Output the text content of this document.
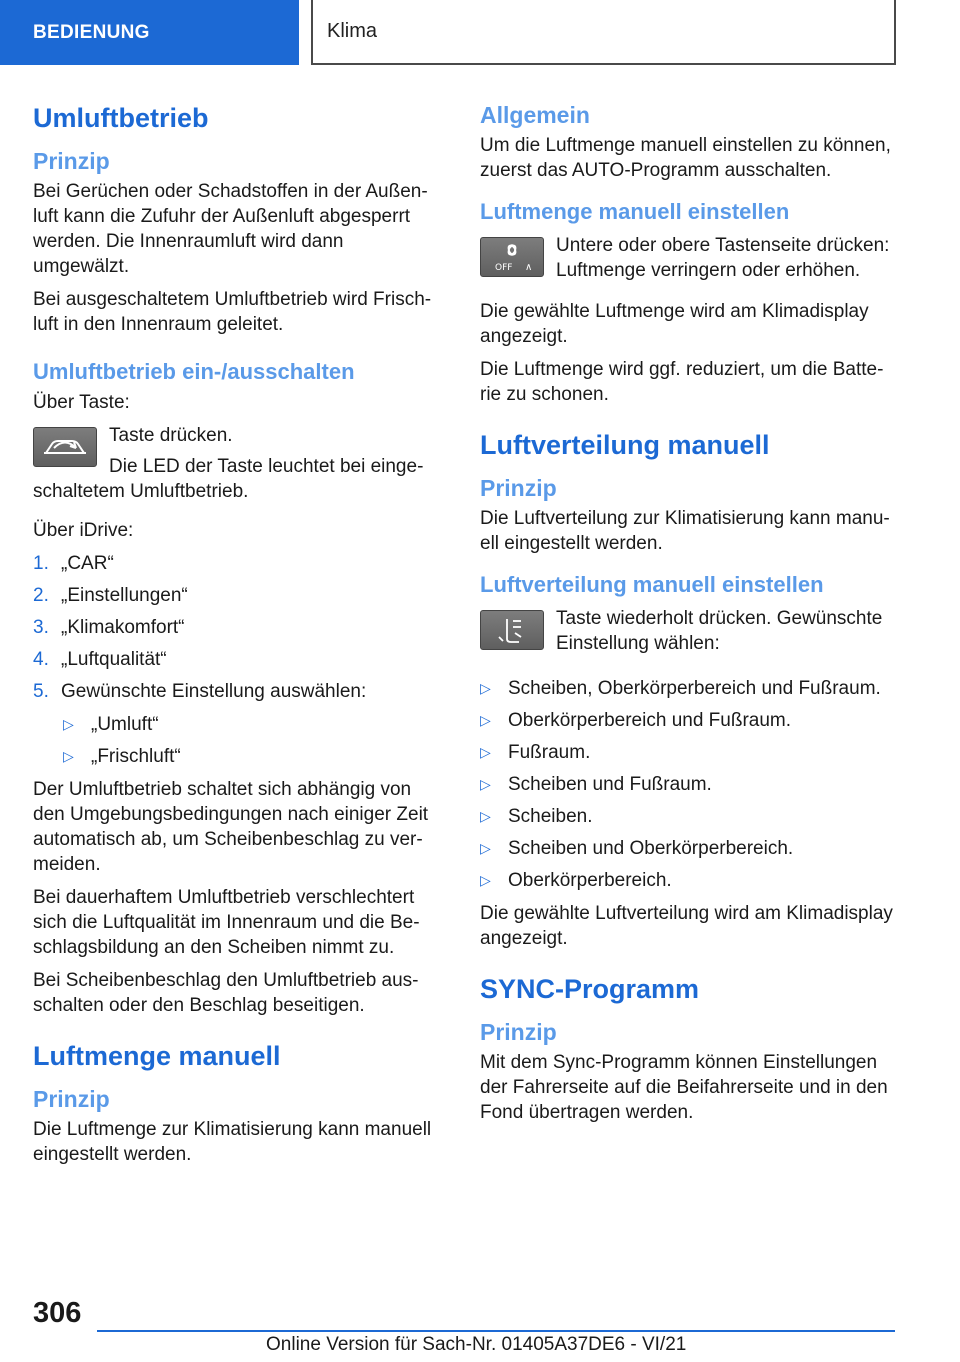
BEDIENUNG	Klima
Umluftbetrieb
Prinzip

Bei Gerüchen oder Schadstoffen in der Außen-luft kann die Zufuhr der Außenluft abgesperrt werden. Die Innenraumluft wird dann umgewälzt.

Bei ausgeschaltetem Umluftbetrieb wird Frisch-luft in den Innenraum geleitet.

Umluftbetrieb ein-/ausschalten

Über Taste:

Taste drücken.

Die LED der Taste leuchtet bei einge-

schaltetem Umluftbetrieb.

Über iDrive:

1. „CAR“
2. „Einstellungen“
3. „Klimakomfort“
4. „Luftqualität“
5. Gewünschte Einstellung auswählen:
▷ „Umluft“
▷ „Frischluft“

Der Umluftbetrieb schaltet sich abhängig von den Umgebungsbedingungen nach einiger Zeit automatisch ab, um Scheibenbeschlag zu ver-meiden.

Bei dauerhaftem Umluftbetrieb verschlechtert sich die Luftqualität im Innenraum und die Be-schlagsbildung an den Scheiben nimmt zu.

Bei Scheibenbeschlag den Umluftbetrieb aus-schalten oder den Beschlag beseitigen.

Luftmenge manuell
Prinzip

Die Luftmenge zur Klimatisierung kann manuell eingestellt werden.

Allgemein

Um die Luftmenge manuell einstellen zu können, zuerst das AUTO-Programm ausschalten.

Luftmenge manuell einstellen
OFF ∧

Untere oder obere Tastenseite drücken: Luftmenge verringern oder erhöhen.

Die gewählte Luftmenge wird am Klimadisplay angezeigt.

Die Luftmenge wird ggf. reduziert, um die Batte-rie zu schonen.

Luftverteilung manuell
Prinzip

Die Luftverteilung zur Klimatisierung kann manu-ell eingestellt werden.

Luftverteilung manuell einstellen

Taste wiederholt drücken. Gewünschte Einstellung wählen:

▷ Scheiben, Oberkörperbereich und Fußraum.
▷ Oberkörperbereich und Fußraum.
▷ Fußraum.
▷ Scheiben und Fußraum.
▷ Scheiben.
▷ Scheiben und Oberkörperbereich.
▷ Oberkörperbereich.

Die gewählte Luftverteilung wird am Klimadisplay angezeigt.

SYNC-Programm
Prinzip

Mit dem Sync-Programm können Einstellungen der Fahrerseite auf die Beifahrerseite und in den Fond übertragen werden.

306
Online Version für Sach-Nr. 01405A37DE6 - VI/21
